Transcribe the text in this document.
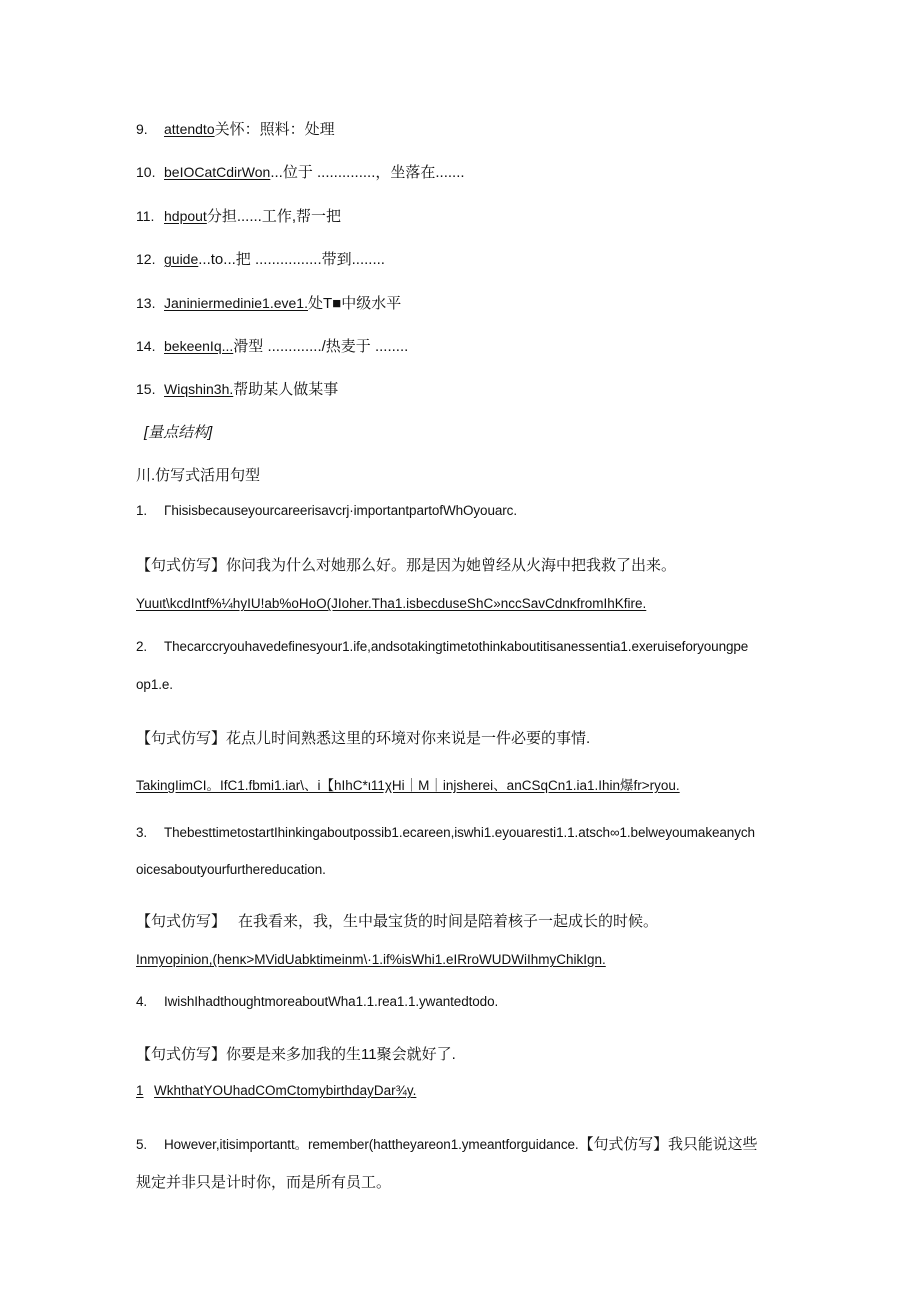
9. attendto关怀：照料：处理
10. beIOCatCdirWon...位于 ..............，坐落在.......
11. hdpout分担......工作,帮一把
12. guide...to...把 ................带到........
13. Janiniermedinie1.eve1.处T■中级水平
14. bekeenIq...滑型 ............./热麦于 ........
15. Wiqshin3h.帮助某人做某事
[量点结构]
川.仿写式活用句型
1. Γhisisbecauseyourcareerisavcrj·importantpartofWhOyouarc.
【句式仿写】你问我为什么对她那么好。那是因为她曾经从火海中把我救了出来。
Yuuιt\kcdIntf%¼hyIU!ab%oHoO(JIoher.Tha1.isbecduseShC»nccSavCdnκfromIhKfire.
2. Thecarccryouhavedefinesyour1.ife,andsotakingtimetothinkaboutitisanessentia1.exeruiseforyoungpe
op1.e.
【句式仿写】花点儿时间熟悉这里的环境对你来说是一件必要的事情.
TakingIimCI。IfC1.fbmi1.iar\、i【hIhC*ι11χHi｜M｜injsherei、anCSqCn1.ia1.Ihin爆fr>ryou.
3. ThebesttimetostartIhinkingaboutpossib1.ecareen,iswhi1.eyouaresti1.1.atsch∞1.belweyoumakeanych
oicesaboutyourfurthereducation.
【句式仿写】 在我看来，我，生中最宝货的时间是陪着核子一起成长的时候。
Inmyopinion,(henκ>MVidUabktimeinm\·1.if%isWhi1.eIRroWUDWiIhmyChikIgn.
4. IwishIhadthoughtmoreaboutWha1.1.rea1.1.ywantedtodo.
【句式仿写】你要是来多加我的生11聚会就好了.
1 WkhthatYOUhadCOmCtomybirthdayDar¾y.
5. However,itisimportantt。remember(hattheyareon1.ymeantforguidance.【句式仿写】我只能说这些
规定并非只是计时你，而是所有员工。
